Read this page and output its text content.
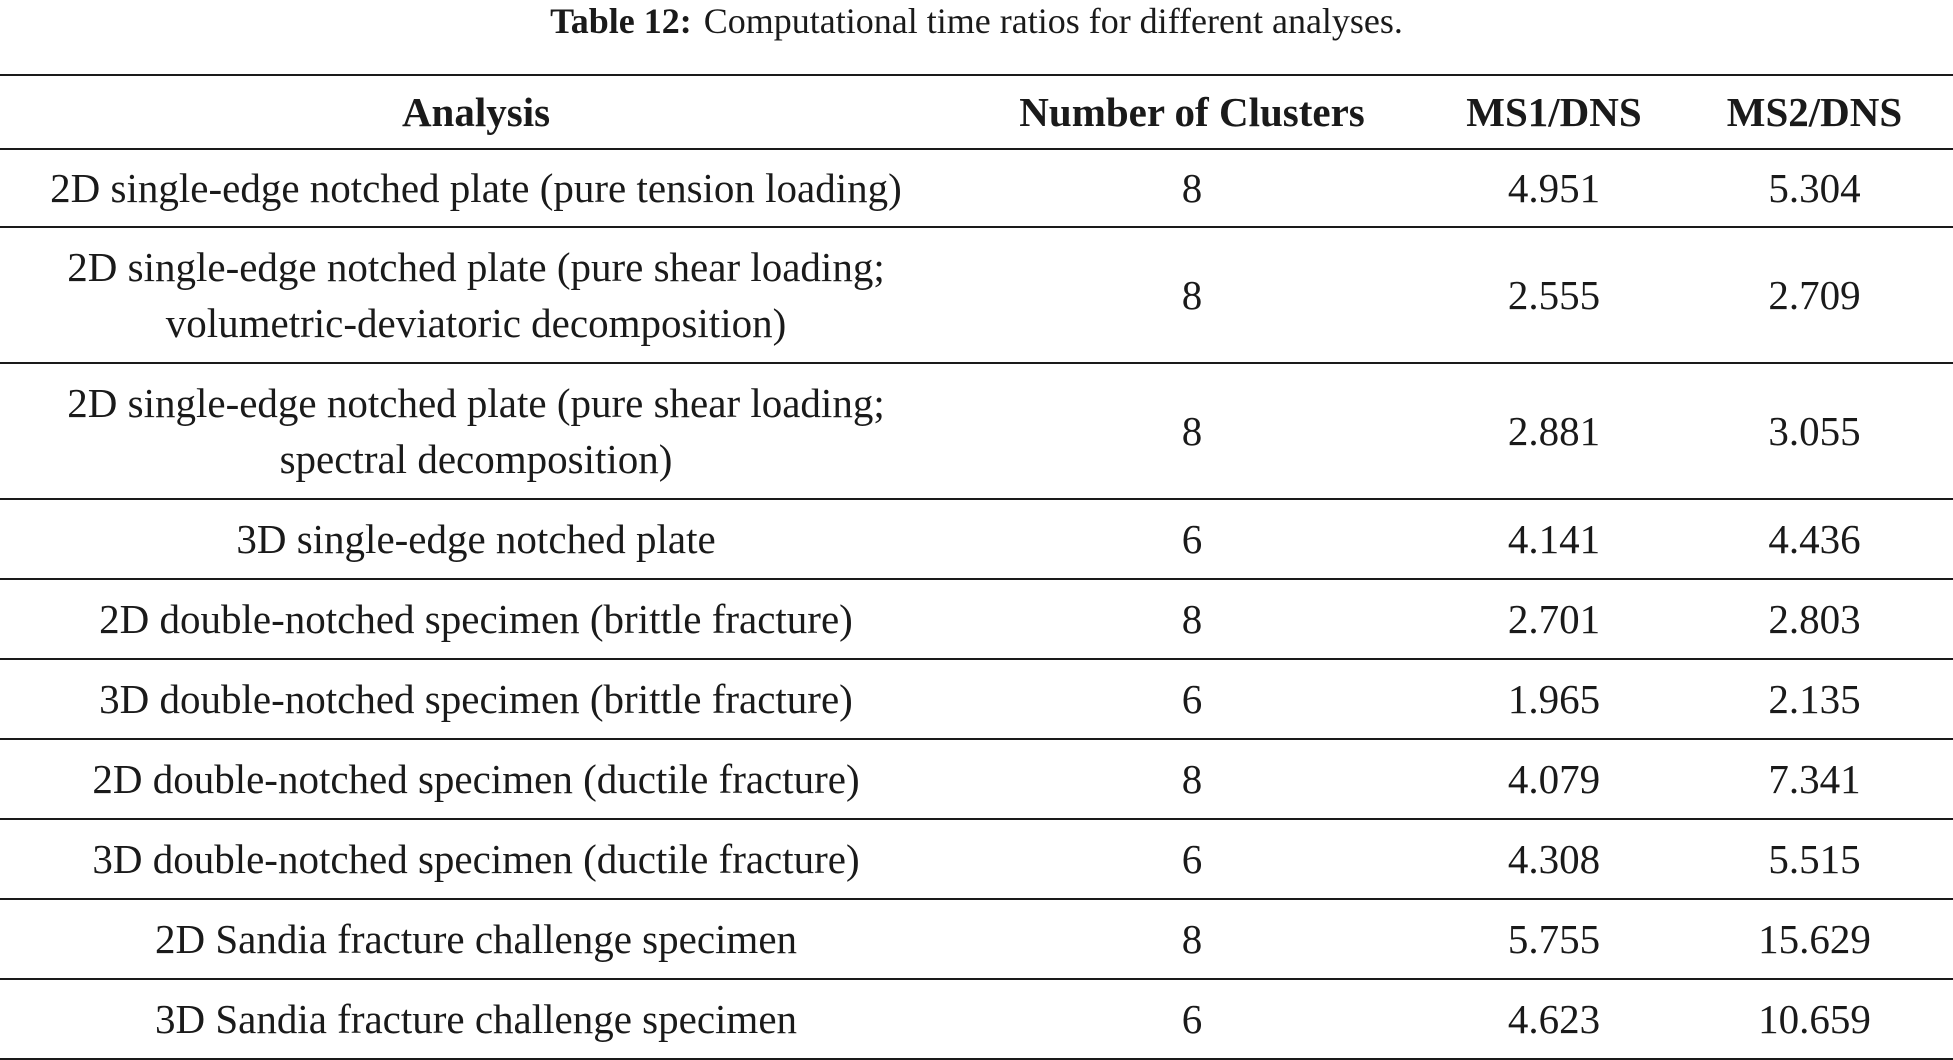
Table 12: Computational time ratios for different analyses.
Analysis	Number of Clusters	MS1/DNS	MS2/DNS

2D single-edge notched plate (pure tension loading)	8	4.951	5.304

2D single-edge notched plate (pure shear loading;
volumetric-deviatoric decomposition)	8	2.555	2.709

2D single-edge notched plate (pure shear loading;
spectral decomposition)	8	2.881	3.055

3D single-edge notched plate	6	4.141	4.436

2D double-notched specimen (brittle fracture)	8	2.701	2.803

3D double-notched specimen (brittle fracture)	6	1.965	2.135

2D double-notched specimen (ductile fracture)	8	4.079	7.341

3D double-notched specimen (ductile fracture)	6	4.308	5.515

2D Sandia fracture challenge specimen	8	5.755	15.629

3D Sandia fracture challenge specimen	6	4.623	10.659
